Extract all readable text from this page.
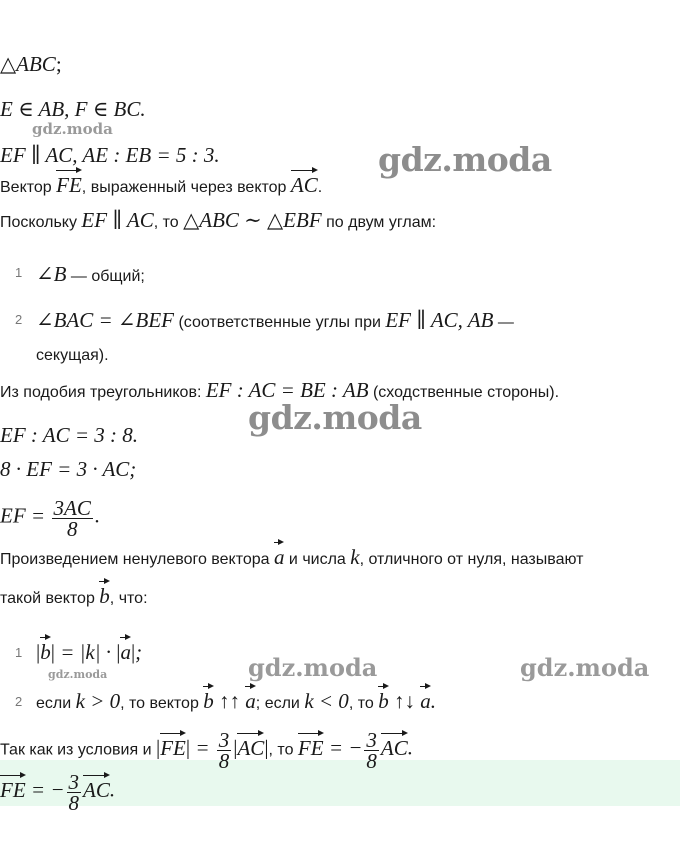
△ABC;
E ∈ AB, F ∈ BC.
EF ∥ AC, AE : EB = 5 : 3.
Вектор FE, выраженный через вектор AC.
Поскольку EF ∥ AC, то △ABC ∼ △EBF по двум углам:
1 ∠B — общий;
2 ∠BAC = ∠BEF (соответственные углы при EF ∥ AC, AB —
секущая).
Из подобия треугольников: EF : AC = BE : AB (сходственные стороны).
EF : AC = 3 : 8.
8 · EF = 3 · AC;
EF = $\frac{3AC}{8}$ .
Произведением ненулевого вектора a и числа k, отличного от нуля, называют
такой вектор b, что:
1 |b| = |k| · |a|;
2 если k > 0, то вектор b ↑↑ a; если k < 0, то b ↑↓ a.
Так как из условия и $|FE| = \frac{3}{8} |AC|$, то FE = − $\frac{3}{8}$ AC.
FE = − $\frac{3}{8}$ AC.
gdz.moda
gdz.moda
gdz.moda
gdz.moda	gdz.moda	gdz.moda
